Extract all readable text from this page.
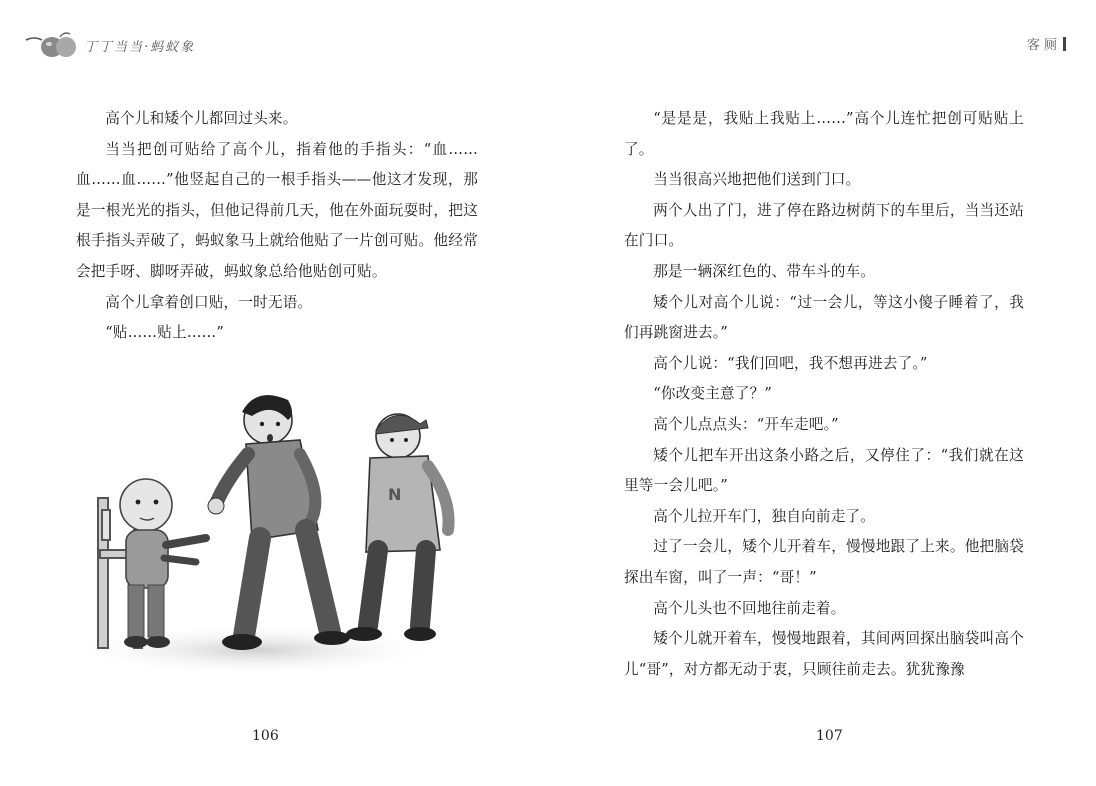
丁丁当当·蚂蚁象	客 厕

高个儿和矮个儿都回过头来。

当当把创可贴给了高个儿，指着他的手指头：“血……血……血……”他竖起自己的一根手指头——他这才发现，那是一根光光的指头，但他记得前几天，他在外面玩耍时，把这根手指头弄破了，蚂蚁象马上就给他贴了一片创可贴。他经常会把手呀、脚呀弄破，蚂蚁象总给他贴创可贴。

高个儿拿着创口贴，一时无语。

“贴……贴上……”

N
106

“是是是，我贴上我贴上……”高个儿连忙把创可贴贴上了。

当当很高兴地把他们送到门口。

两个人出了门，进了停在路边树荫下的车里后，当当还站在门口。

那是一辆深红色的、带车斗的车。

矮个儿对高个儿说：“过一会儿，等这小傻子睡着了，我们再跳窗进去。”

高个儿说：“我们回吧，我不想再进去了。”

“你改变主意了？”

高个儿点点头：“开车走吧。”

矮个儿把车开出这条小路之后，又停住了：“我们就在这里等一会儿吧。”

高个儿拉开车门，独自向前走了。

过了一会儿，矮个儿开着车，慢慢地跟了上来。他把脑袋探出车窗，叫了一声：“哥！”

高个儿头也不回地往前走着。

矮个儿就开着车，慢慢地跟着，其间两回探出脑袋叫高个儿“哥”，对方都无动于衷，只顾往前走去。犹犹豫豫

107
